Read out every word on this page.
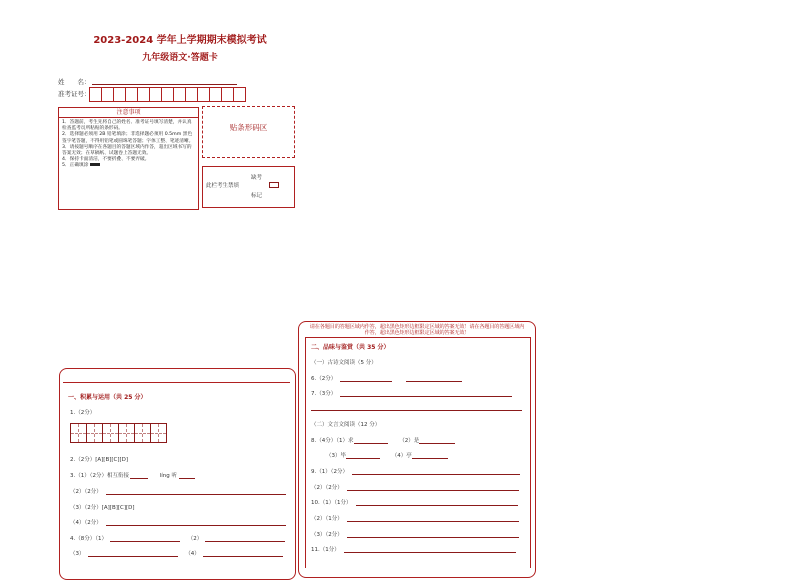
2023-2024 学年上学期期末模拟考试
九年级语文·答题卡
姓　　名：
准考证号：
注意事项
1．答题前，考生先将自己的姓名、准考证号填写清楚，并认真检查监考员所粘贴的条形码。
2．选择题必须用 2B 铅笔填涂；非选择题必须用 0.5mm 黑色签字笔答题，不得用铅笔或圆珠笔答题；字体工整、笔迹清晰。
3．请按题号顺序在各题目的答题区域内作答，超出区域书写的答案无效；在草稿纸、试题卷上答题无效。
4．保持卡面清洁，不要折叠、不要弄破。
5．正确填涂
贴条形码区
缺考
此栏考生禁填
标记
一、积累与运用（共 25 分）
1.（2分）
2.（2分）[A][B][C][D]
3.（1）（2分）相互衔接	líng 听
（2）（2分）
（3）（2分）[A][B][C][D]
（4）（2分）
4.（8分）（1）	（2）
（3）	（4）
请在各题目的答题区域内作答，超出黑色矩形边框限定区域的答案无效！请在各题目的答题区域内作答，超出黑色矩形边框限定区域的答案无效！
二、品味与鉴赏（共 35 分）
（一）古诗文阅读（5 分）
6.（2分）
7.（3分）
（二）文言文阅读（12 分）
8.（4分）（1）求	（2）是
（3）毕	（4）亭
9.（1）（2分）
（2）（2分）
10.（1）（1分）
（2）（1分）
（3）（2分）
11.（1分）
